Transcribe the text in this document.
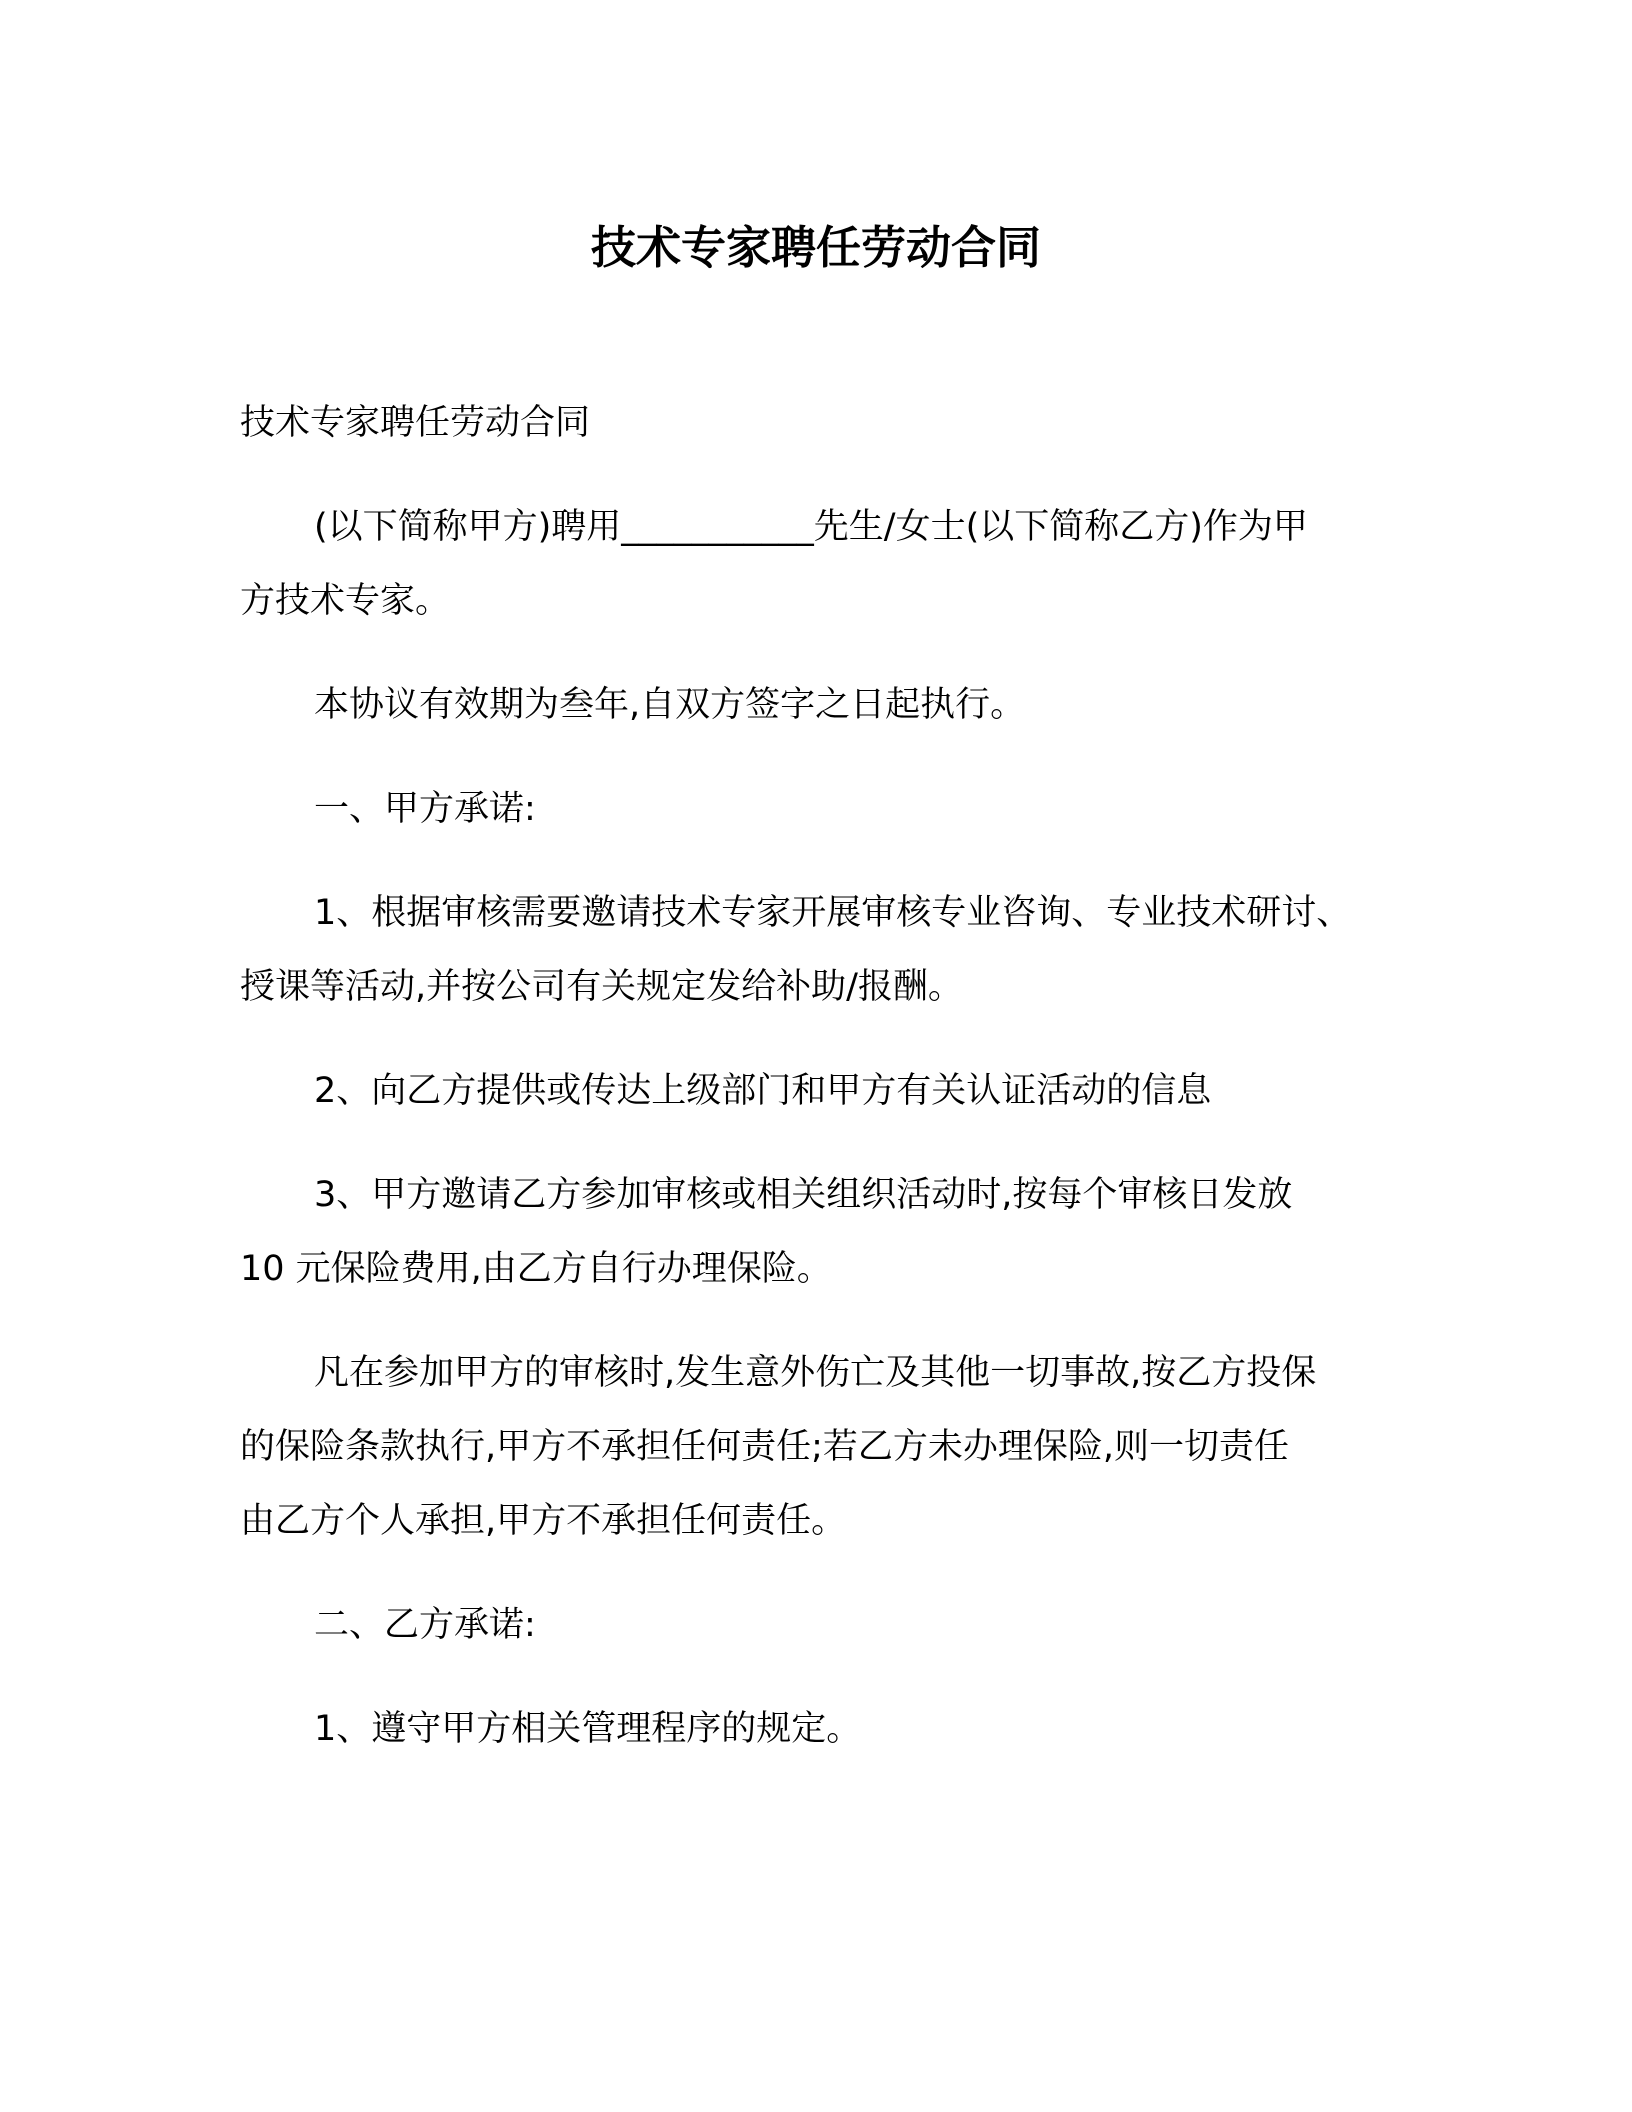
技术专家聘任劳动合同

技术专家聘任劳动合同

(以下简称甲方)聘用___________先生/女士(以下简称乙方)作为甲

方技术专家。

本协议有效期为叁年,自双方签字之日起执行。

一、甲方承诺:

1、根据审核需要邀请技术专家开展审核专业咨询、专业技术研讨、

授课等活动,并按公司有关规定发给补助/报酬。

2、向乙方提供或传达上级部门和甲方有关认证活动的信息

3、甲方邀请乙方参加审核或相关组织活动时,按每个审核日发放

10 元保险费用,由乙方自行办理保险。

凡在参加甲方的审核时,发生意外伤亡及其他一切事故,按乙方投保

的保险条款执行,甲方不承担任何责任;若乙方未办理保险,则一切责任

由乙方个人承担,甲方不承担任何责任。

二、乙方承诺:

1、遵守甲方相关管理程序的规定。
